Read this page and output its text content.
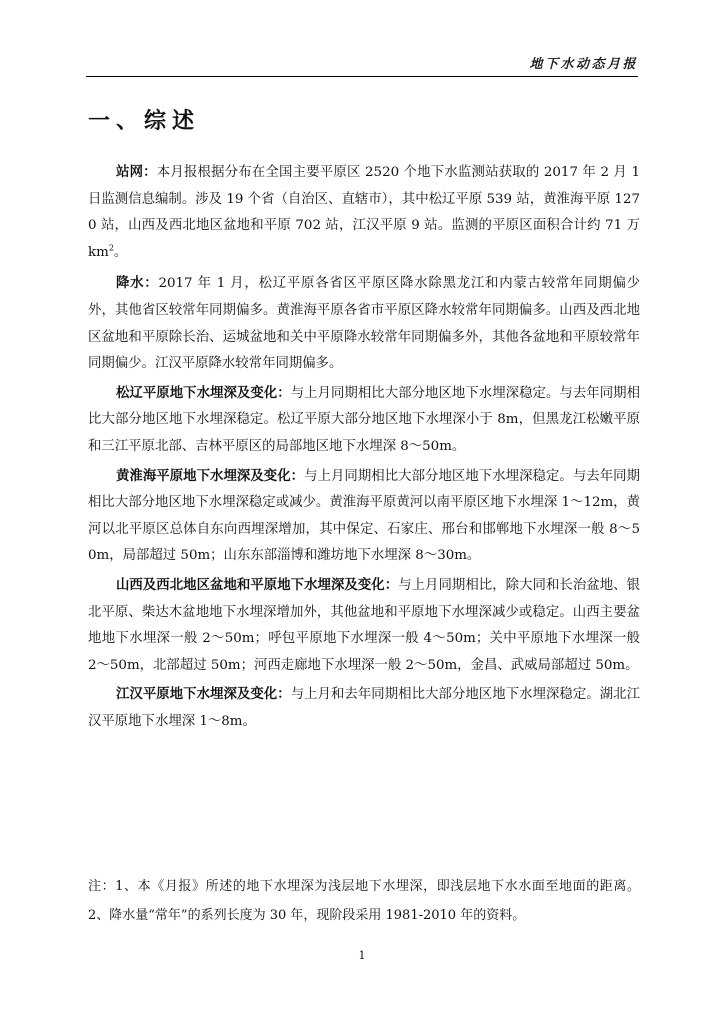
地下水动态月报
一、综述

站网：本月报根据分布在全国主要平原区 2520 个地下水监测站获取的 2017 年 2 月 1 日监测信息编制。涉及 19 个省（自治区、直辖市），其中松辽平原 539 站，黄淮海平原 1270 站，山西及西北地区盆地和平原 702 站，江汉平原 9 站。监测的平原区面积合计约 71 万 $km^2$。

降水：2017 年 1 月，松辽平原各省区平原区降水除黑龙江和内蒙古较常年同期偏少外，其他省区较常年同期偏多。黄淮海平原各省市平原区降水较常年同期偏多。山西及西北地区盆地和平原除长治、运城盆地和关中平原降水较常年同期偏多外，其他各盆地和平原较常年同期偏少。江汉平原降水较常年同期偏多。

松辽平原地下水埋深及变化：与上月同期相比大部分地区地下水埋深稳定。与去年同期相比大部分地区地下水埋深稳定。松辽平原大部分地区地下水埋深小于 8m，但黑龙江松嫩平原和三江平原北部、吉林平原区的局部地区地下水埋深 8～50m。

黄淮海平原地下水埋深及变化：与上月同期相比大部分地区地下水埋深稳定。与去年同期相比大部分地区地下水埋深稳定或减少。黄淮海平原黄河以南平原区地下水埋深 1～12m，黄河以北平原区总体自东向西埋深增加，其中保定、石家庄、邢台和邯郸地下水埋深一般 8～50m，局部超过 50m；山东东部淄博和潍坊地下水埋深 8～30m。

山西及西北地区盆地和平原地下水埋深及变化：与上月同期相比，除大同和长治盆地、银北平原、柴达木盆地地下水埋深增加外，其他盆地和平原地下水埋深减少或稳定。山西主要盆地地下水埋深一般 2～50m；呼包平原地下水埋深一般 4～50m；关中平原地下水埋深一般 2～50m，北部超过 50m；河西走廊地下水埋深一般 2～50m，金昌、武威局部超过 50m。

江汉平原地下水埋深及变化：与上月和去年同期相比大部分地区地下水埋深稳定。湖北江汉平原地下水埋深 1～8m。

注：1、本《月报》所述的地下水埋深为浅层地下水埋深，即浅层地下水水面至地面的距离。 2、降水量“常年”的系列长度为 30 年，现阶段采用 1981-2010 年的资料。
1
